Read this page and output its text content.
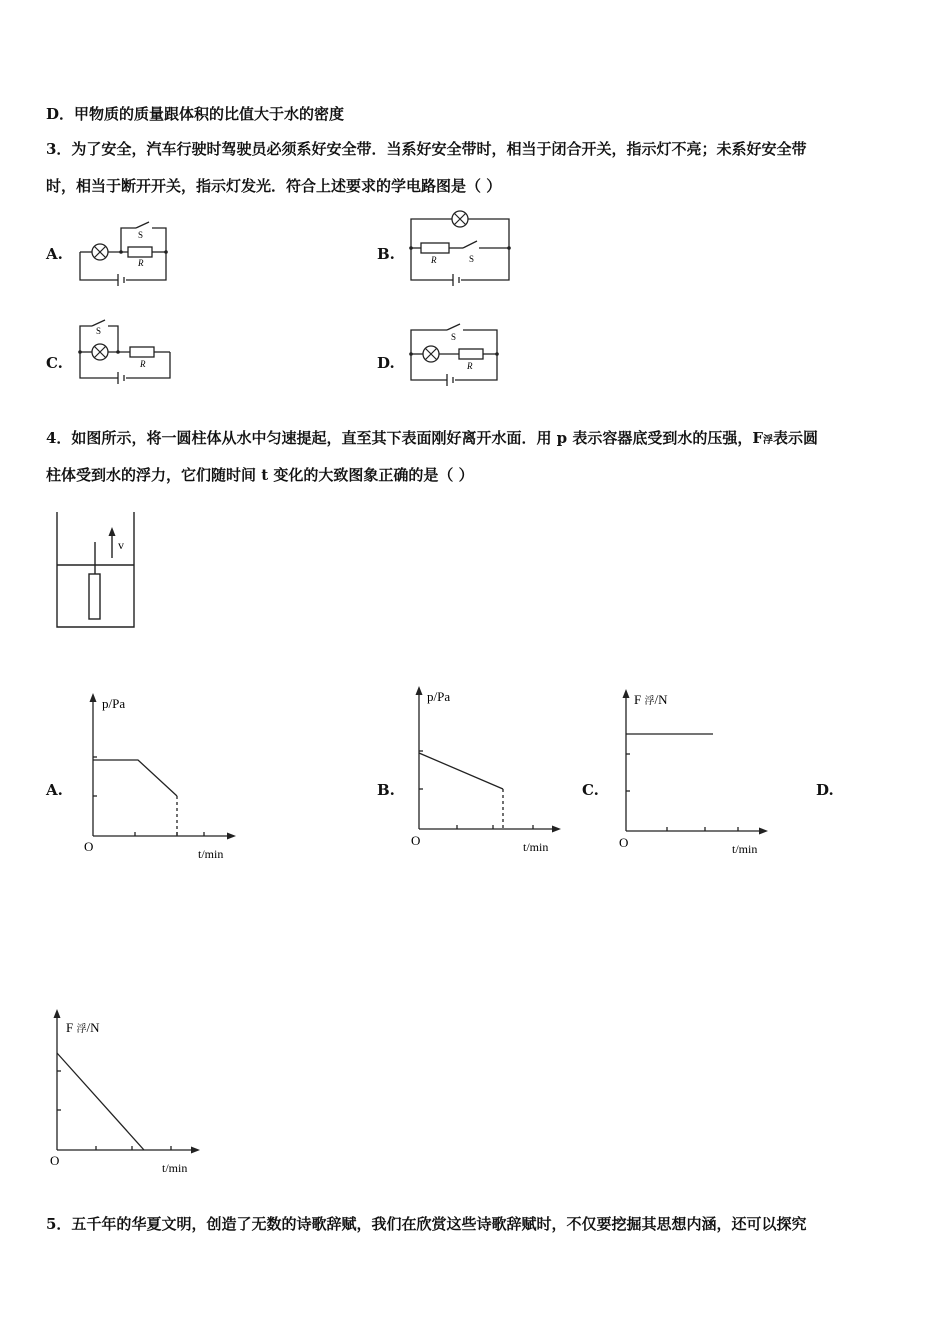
D．甲物质的质量跟体积的比值大于水的密度
3．为了安全，汽车行驶时驾驶员必须系好安全带．当系好安全带时，相当于闭合开关，指示灯不亮；未系好安全带
时，相当于断开开关，指示灯发光．符合上述要求的学电路图是（ ）
A.	B.
C.	D.
S
R	R	S
S
R
S
R
4．如图所示，将一圆柱体从水中匀速提起，直至其下表面刚好离开水面．用 p 表示容器底受到水的压强，F浮表示圆
柱体受到水的浮力，它们随时间 t 变化的大致图象正确的是（ ）
v
A.	B.	C.	D.
p/Pa
t/min
O
p/Pa
t/min
O
F 浮/N
t/min
O
F 浮/N
t/min
O
5．五千年的华夏文明，创造了无数的诗歌辞赋，我们在欣赏这些诗歌辞赋时，不仅要挖掘其思想内涵，还可以探究
